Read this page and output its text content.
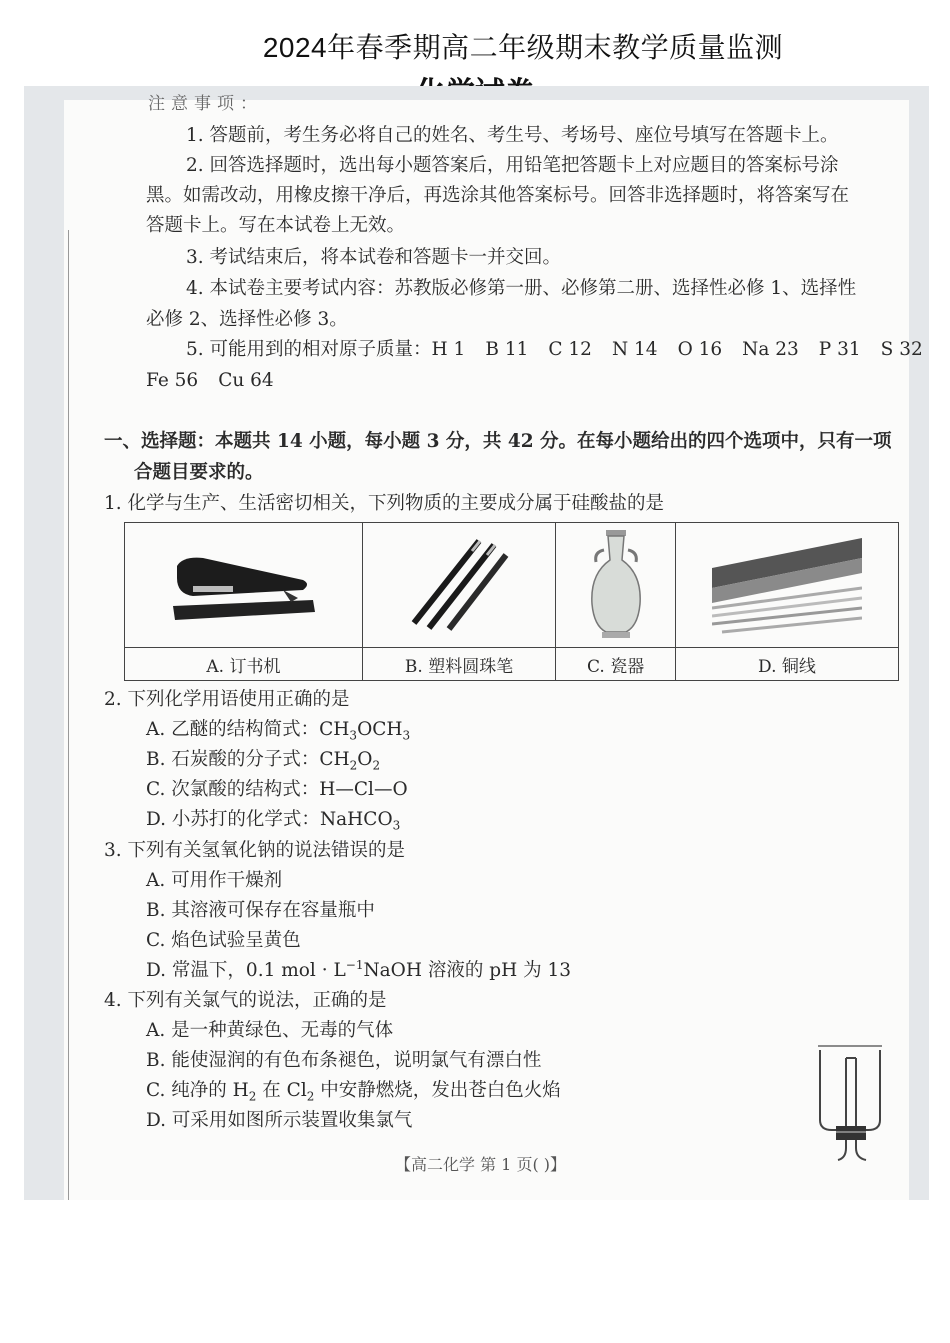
2024年春季期高二年级期末教学质量监测
注意事项：
1. 答题前，考生务必将自己的姓名、考生号、考场号、座位号填写在答题卡上。
2. 回答选择题时，选出每小题答案后，用铅笔把答题卡上对应题目的答案标号涂
黑。如需改动，用橡皮擦干净后，再选涂其他答案标号。回答非选择题时，将答案写在
答题卡上。写在本试卷上无效。
3. 考试结束后，将本试卷和答题卡一并交回。
4. 本试卷主要考试内容：苏教版必修第一册、必修第二册、选择性必修 1、选择性
必修 2、选择性必修 3。
5. 可能用到的相对原子质量：H 1 B 11 C 12 N 14 O 16 Na 23 P 31 S 32
Fe 56 Cu 64
一、选择题：本题共 14 小题，每小题 3 分，共 42 分。在每小题给出的四个选项中，只有一项
合题目要求的。
1. 化学与生产、生活密切相关，下列物质的主要成分属于硅酸盐的是

A. 订书机	B. 塑料圆珠笔	C. 瓷器	D. 铜线
2. 下列化学用语使用正确的是
A. 乙醚的结构简式：$CH_3OCH_3$
B. 石炭酸的分子式：$CH_2O_2$
C. 次氯酸的结构式：H—Cl—O
D. 小苏打的化学式：NaHCO$_3$
3. 下列有关氢氧化钠的说法错误的是
A. 可用作干燥剂
B. 其溶液可保存在容量瓶中
C. 焰色试验呈黄色
D. 常温下，0.1 mol · $L^{-1}NaOH$ 溶液的 pH 为 13
4. 下列有关氯气的说法，正确的是
A. 是一种黄绿色、无毒的气体
B. 能使湿润的有色布条褪色，说明氯气有漂白性
C. 纯净的 $H_2$ 在 $Cl_2$ 中安静燃烧，发出苍白色火焰
D. 可采用如图所示装置收集氯气
【高二化学 第 1 页( )】
